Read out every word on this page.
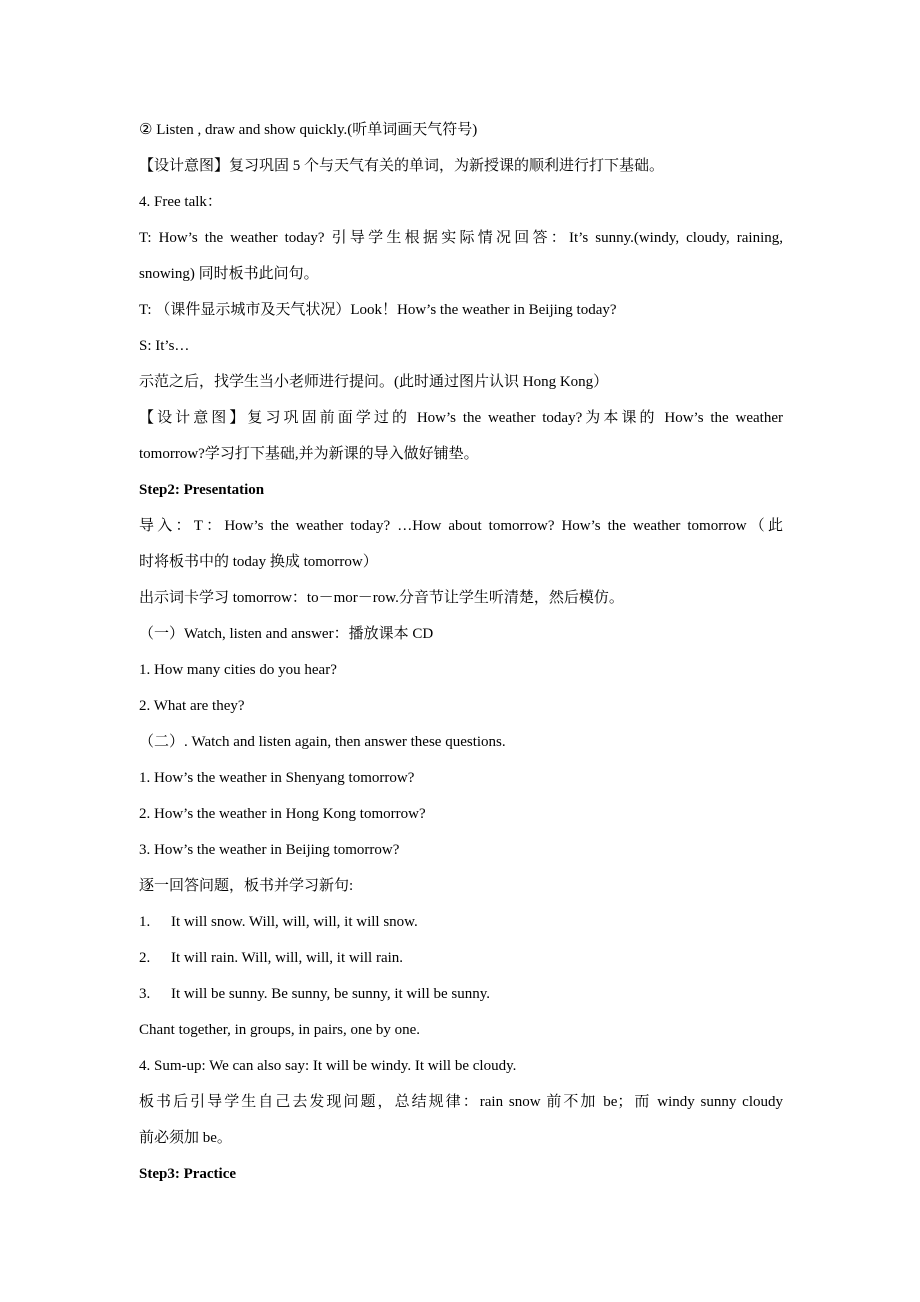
② Listen , draw and show quickly.(听单词画天气符号)
【设计意图】复习巩固 5 个与天气有关的单词，为新授课的顺利进行打下基础。
4. Free talk：
T: How’s the weather today? 引导学生根据实际情况回答：It’s sunny.(windy, cloudy, raining,
snowing) 同时板书此问句。
T: （课件显示城市及天气状况）Look！How’s the weather in Beijing today?
S: It’s…
示范之后，找学生当小老师进行提问。(此时通过图片认识 Hong Kong）
【设计意图】复习巩固前面学过的 How’s the weather today?为本课的 How’s the weather
tomorrow?学习打下基础,并为新课的导入做好铺垫。
Step2: Presentation
导入：T：How’s the weather today? …How about tomorrow? How’s the weather tomorrow（此
时将板书中的 today 换成 tomorrow）
出示词卡学习 tomorrow：to－mor－row.分音节让学生听清楚，然后模仿。
（一）Watch, listen and answer：播放课本 CD
1. How many cities do you hear?
2. What are they?
（二）. Watch and listen again, then answer these questions.
1. How’s the weather in Shenyang tomorrow?
2. How’s the weather in Hong Kong tomorrow?
3. How’s the weather in Beijing tomorrow?
逐一回答问题，板书并学习新句:
1. It will snow. Will, will, will, it will snow.
2. It will rain. Will, will, will, it will rain.
3. It will be sunny. Be sunny, be sunny, it will be sunny.
Chant together, in groups, in pairs, one by one.
4. Sum-up: We can also say: It will be windy. It will be cloudy.
板书后引导学生自己去发现问题，总结规律：rain snow 前不加 be；而 windy sunny cloudy
前必须加 be。
Step3: Practice
